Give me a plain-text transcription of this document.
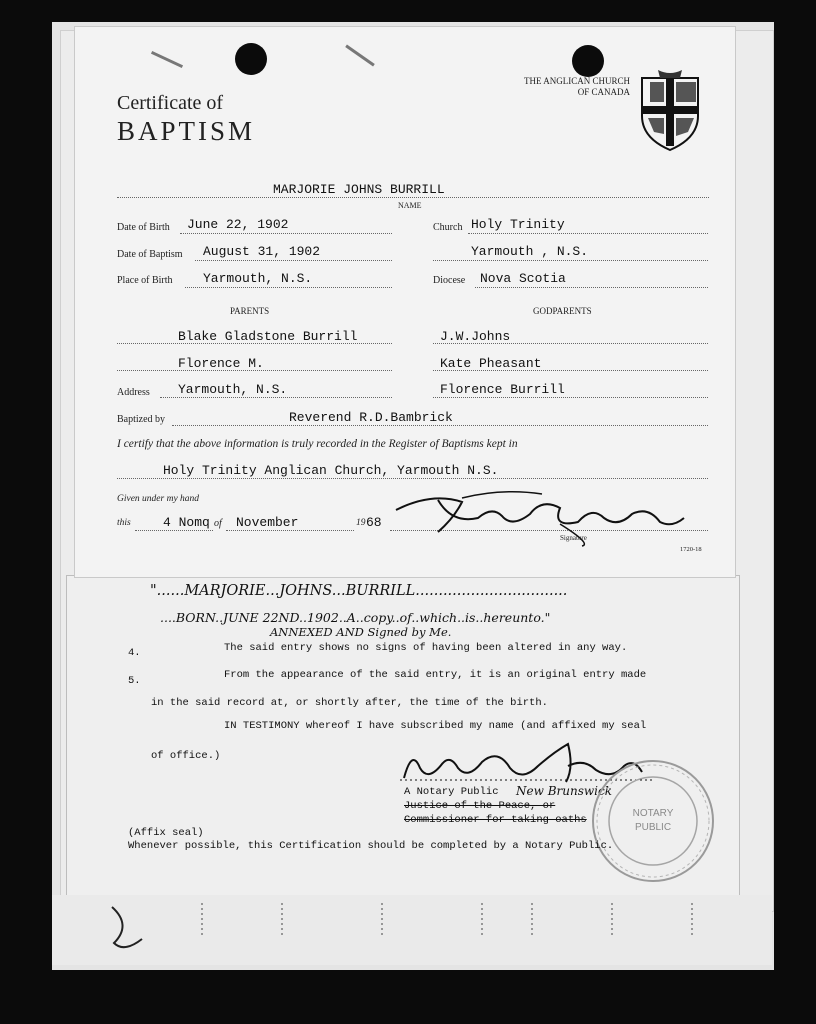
Certificate of
BAPTISM
THE ANGLICAN CHURCH
OF CANADA
MARJORIE JOHNS BURRILL
NAME
Date of Birth June 22, 1902	Church Holy Trinity
Date of Baptism August 31, 1902	Yarmouth , N.S.
Place of Birth Yarmouth, N.S.	Diocese Nova Scotia
PARENTS	GODPARENTS
Blake Gladstone Burrill	J.W.Johns
Florence M.	Kate Pheasant
Address Yarmouth, N.S.	Florence Burrill
Baptized by	Reverend R.D.Bambrick
I certify that the above information is truly recorded in the Register of Baptisms kept in
Holy Trinity Anglican Church, Yarmouth N.S.
Given under my hand
this 4 Nomq of November	19 68
Signature
1720-18
"......MARJORIE...JOHNS...BURRILL.................................
....BORN..JUNE 22ND..1902..A..copy..of..which..is..hereunto."
ANNEXED AND Signed by Me.
4.	The said entry shows no signs of having been altered in any way.
5.	From the appearance of the said entry, it is an original entry made
in the said record at, or shortly after, the time of the birth.
IN TESTIMONY whereof I have subscribed my name (and affixed my seal
of office.)
A Notary Public New Brunswick
Justice of the Peace, or
Commissioner for taking oaths
NOTARY
PUBLIC
(Affix seal)
Whenever possible, this Certification should be completed by a Notary Public.
